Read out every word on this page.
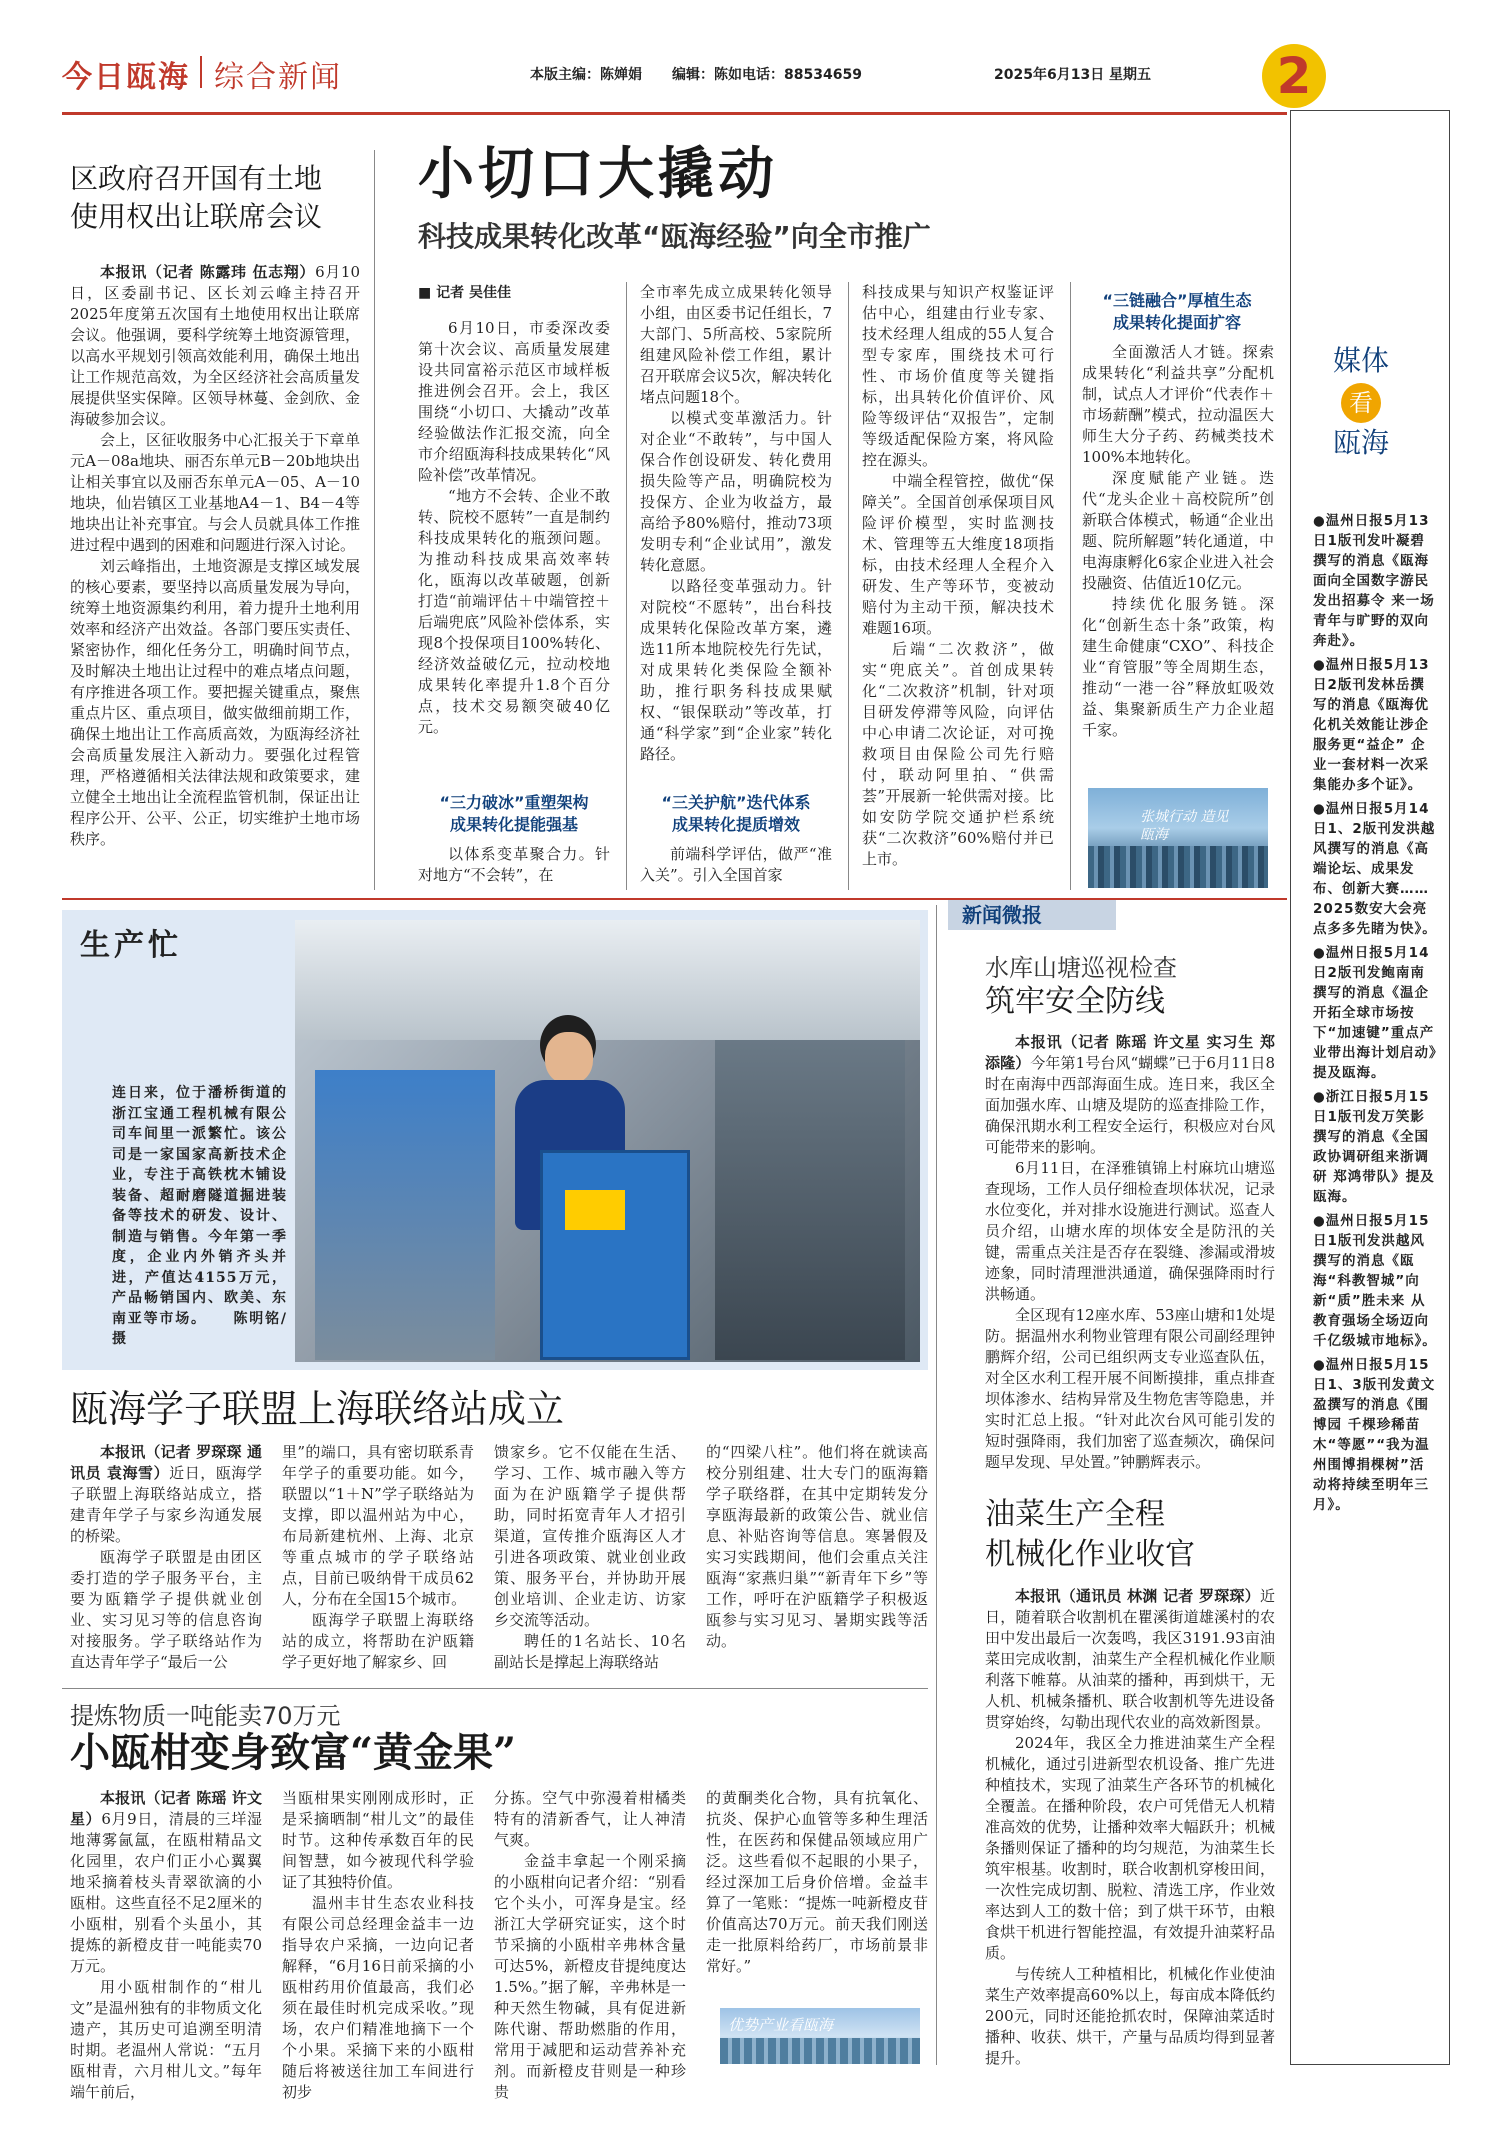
今日瓯海 综合新闻	本版主编：陈婵娟 编辑：陈如 电话：88534659	2025年6月13日 星期五	2
区政府召开国有土地
使用权出让联席会议

本报讯（记者 陈露玮 伍志翔）6月10日，区委副书记、区长刘云峰主持召开2025年度第五次国有土地使用权出让联席会议。他强调，要科学统筹土地资源管理，以高水平规划引领高效能利用，确保土地出让工作规范高效，为全区经济社会高质量发展提供坚实保障。区领导林蔓、金剑欣、金海破参加会议。

会上，区征收服务中心汇报关于下章单元A－08a地块、丽否东单元B－20b地块出让相关事宜以及丽否东单元A－05、A－10地块，仙岩镇区工业基地A4－1、B4－4等地块出让补充事宜。与会人员就具体工作推进过程中遇到的困难和问题进行深入讨论。

刘云峰指出，土地资源是支撑区域发展的核心要素，要坚持以高质量发展为导向，统筹土地资源集约利用，着力提升土地利用效率和经济产出效益。各部门要压实责任、紧密协作，细化任务分工，明确时间节点，及时解决土地出让过程中的难点堵点问题，有序推进各项工作。要把握关键重点，聚焦重点片区、重点项目，做实做细前期工作，确保土地出让工作高质高效，为瓯海经济社会高质量发展注入新动力。要强化过程管理，严格遵循相关法律法规和政策要求，建立健全土地出让全流程监管机制，保证出让程序公开、公平、公正，切实维护土地市场秩序。

小切口大撬动
科技成果转化改革“瓯海经验”向全市推广
■ 记者 吴佳佳

6月10日，市委深改委第十次会议、高质量发展建设共同富裕示范区市域样板推进例会召开。会上，我区围绕“小切口、大撬动”改革经验做法作汇报交流，向全市介绍瓯海科技成果转化“风险补偿”改革情况。

“地方不会转、企业不敢转、院校不愿转”一直是制约科技成果转化的瓶颈问题。为推动科技成果高效率转化，瓯海以改革破题，创新打造“前端评估＋中端管控＋后端兜底”风险补偿体系，实现8个投保项目100%转化、经济效益破亿元，拉动校地成果转化率提升1.8个百分点，技术交易额突破40亿元。

“三力破冰”重塑架构
成果转化提能强基

以体系变革聚合力。针对地方“不会转”，在

全市率先成立成果转化领导小组，由区委书记任组长，7大部门、5所高校、5家院所组建风险补偿工作组，累计召开联席会议5次，解决转化堵点问题18个。

以模式变革激活力。针对企业“不敢转”，与中国人保合作创设研发、转化费用损失险等产品，明确院校为投保方、企业为收益方，最高给予80%赔付，推动73项发明专利“企业试用”，激发转化意愿。

以路径变革强动力。针对院校“不愿转”，出台科技成果转化保险改革方案，遴选11所本地院校先行先试，对成果转化类保险全额补助，推行职务科技成果赋权、“银保联动”等改革，打通“科学家”到“企业家”转化路径。

“三关护航”迭代体系
成果转化提质增效

前端科学评估，做严“准入关”。引入全国首家

科技成果与知识产权鉴证评估中心，组建由行业专家、技术经理人组成的55人复合型专家库，围绕技术可行性、市场价值度等关键指标，出具转化价值评价、风险等级评估“双报告”，定制等级适配保险方案，将风险控在源头。

中端全程管控，做优“保障关”。全国首创承保项目风险评价模型，实时监测技术、管理等五大维度18项指标，由技术经理人全程介入研发、生产等环节，变被动赔付为主动干预，解决技术难题16项。

后端“二次救济”，做实“兜底关”。首创成果转化“二次救济”机制，针对项目研发停滞等风险，向评估中心申请二次论证，对可挽救项目由保险公司先行赔付，联动阿里拍、“供需荟”开展新一轮供需对接。比如安防学院交通护栏系统获“二次救济”60%赔付并已上市。

“三链融合”厚植生态
成果转化提面扩容

全面激活人才链。探索成果转化“利益共享”分配机制，试点人才评价“代表作＋市场薪酬”模式，拉动温医大师生大分子药、药械类技术100%本地转化。

深度赋能产业链。迭代“龙头企业＋高校院所”创新联合体模式，畅通“企业出题、院所解题”转化通道，中电海康孵化6家企业进入社会投融资、估值近10亿元。

持续优化服务链。深化“创新生态十条”政策，构建生命健康“CXO”、科技企业“育管服”等全周期生态，推动“一港一谷”释放虹吸效益、集聚新质生产力企业超千家。

张城行动 造见瓯海
生产忙
连日来，位于潘桥街道的浙江宝通工程机械有限公司车间里一派繁忙。该公司是一家国家高新技术企业，专注于高铁枕木铺设装备、超耐磨隧道掘进装备等技术的研发、设计、制造与销售。今年第一季度，企业内外销齐头并进，产值达4155万元，产品畅销国内、欧美、东南亚等市场。 陈明铭/摄
瓯海学子联盟上海联络站成立

本报讯（记者 罗琛琛 通讯员 袁海雪）近日，瓯海学子联盟上海联络站成立，搭建青年学子与家乡沟通发展的桥梁。

瓯海学子联盟是由团区委打造的学子服务平台，主要为瓯籍学子提供就业创业、实习见习等的信息咨询对接服务。学子联络站作为直达青年学子“最后一公

里”的端口，具有密切联系青年学子的重要功能。如今，联盟以“1＋N”学子联络站为支撑，即以温州站为中心，布局新建杭州、上海、北京等重点城市的学子联络站点，目前已吸纳骨干成员62人，分布在全国15个城市。

瓯海学子联盟上海联络站的成立，将帮助在沪瓯籍学子更好地了解家乡、回

馈家乡。它不仅能在生活、学习、工作、城市融入等方面为在沪瓯籍学子提供帮助，同时拓宽青年人才招引渠道，宣传推介瓯海区人才引进各项政策、就业创业政策、服务平台，并协助开展创业培训、企业走访、访家乡交流等活动。

聘任的1名站长、10名副站长是撑起上海联络站

的“四梁八柱”。他们将在就读高校分别组建、壮大专门的瓯海籍学子联络群，在其中定期转发分享瓯海最新的政策公告、就业信息、补贴咨询等信息。寒暑假及实习实践期间，他们会重点关注瓯海“家燕归巢”“新青年下乡”等工作，呼吁在沪瓯籍学子积极返瓯参与实习见习、暑期实践等活动。

提炼物质一吨能卖70万元
小瓯柑变身致富“黄金果”

本报讯（记者 陈瑶 许文星）6月9日，清晨的三垟湿地薄雾氤氲，在瓯柑精品文化园里，农户们正小心翼翼地采摘着枝头青翠欲滴的小瓯柑。这些直径不足2厘米的小瓯柑，别看个头虽小，其提炼的新橙皮苷一吨能卖70万元。

用小瓯柑制作的“柑儿文”是温州独有的非物质文化遗产，其历史可追溯至明清时期。老温州人常说：“五月瓯柑青，六月柑儿文。”每年端午前后，

当瓯柑果实刚刚成形时，正是采摘晒制“柑儿文”的最佳时节。这种传承数百年的民间智慧，如今被现代科学验证了其独特价值。

温州丰甘生态农业科技有限公司总经理金益丰一边指导农户采摘，一边向记者解释，“6月16日前采摘的小瓯柑药用价值最高，我们必须在最佳时机完成采收。”现场，农户们精准地摘下一个个小果。采摘下来的小瓯柑随后将被送往加工车间进行初步

分拣。空气中弥漫着柑橘类特有的清新香气，让人神清气爽。

金益丰拿起一个刚采摘的小瓯柑向记者介绍：“别看它个头小，可浑身是宝。经浙江大学研究证实，这个时节采摘的小瓯柑辛弗林含量可达5%，新橙皮苷提纯度达1.5%。”据了解，辛弗林是一种天然生物碱，具有促进新陈代谢、帮助燃脂的作用，常用于减肥和运动营养补充剂。而新橙皮苷则是一种珍贵

的黄酮类化合物，具有抗氧化、抗炎、保护心血管等多种生理活性，在医药和保健品领域应用广泛。这些看似不起眼的小果子，经过深加工后身价倍增。金益丰算了一笔账：“提炼一吨新橙皮苷价值高达70万元。前天我们刚送走一批原料给药厂，市场前景非常好。”

优势产业看瓯海
新闻微报
水库山塘巡视检查
筑牢安全防线

本报讯（记者 陈瑶 许文星 实习生 郑添隆）今年第1号台风“蝴蝶”已于6月11日8时在南海中西部海面生成。连日来，我区全面加强水库、山塘及堤防的巡查排险工作，确保汛期水利工程安全运行，积极应对台风可能带来的影响。

6月11日，在泽雅镇锦上村麻坑山塘巡查现场，工作人员仔细检查坝体状况，记录水位变化，并对排水设施进行测试。巡查人员介绍，山塘水库的坝体安全是防汛的关键，需重点关注是否存在裂缝、渗漏或滑坡迹象，同时清理泄洪通道，确保强降雨时行洪畅通。

全区现有12座水库、53座山塘和1处堤防。据温州水利物业管理有限公司副经理钟鹏辉介绍，公司已组织两支专业巡查队伍，对全区水利工程开展不间断摸排，重点排查坝体渗水、结构异常及生物危害等隐患，并实时汇总上报。“针对此次台风可能引发的短时强降雨，我们加密了巡查频次，确保问题早发现、早处置。”钟鹏辉表示。

油菜生产全程
机械化作业收官

本报讯（通讯员 林渊 记者 罗琛琛）近日，随着联合收割机在瞿溪街道雄溪村的农田中发出最后一次轰鸣，我区3191.93亩油菜田完成收割，油菜生产全程机械化作业顺利落下帷幕。从油菜的播种，再到烘干，无人机、机械条播机、联合收割机等先进设备贯穿始终，勾勒出现代农业的高效新图景。

2024年，我区全力推进油菜生产全程机械化，通过引进新型农机设备、推广先进种植技术，实现了油菜生产各环节的机械化全覆盖。在播种阶段，农户可凭借无人机精准高效的优势，让播种效率大幅跃升；机械条播则保证了播种的均匀规范，为油菜生长筑牢根基。收割时，联合收割机穿梭田间，一次性完成切割、脱粒、清选工序，作业效率达到人工的数十倍；到了烘干环节，由粮食烘干机进行智能控温，有效提升油菜籽品质。

与传统人工种植相比，机械化作业使油菜生产效率提高60%以上，每亩成本降低约200元，同时还能抢抓农时，保障油菜适时播种、收获、烘干，产量与品质均得到显著提升。

媒体
看
瓯海
●温州日报5月13日1版刊发叶凝碧撰写的消息《瓯海面向全国数字游民发出招募令 来一场青年与旷野的双向奔赴》。
●温州日报5月13日2版刊发林岳撰写的消息《瓯海优化机关效能让涉企服务更“益企” 企业一套材料一次采集能办多个证》。
●温州日报5月14日1、2版刊发洪越风撰写的消息《高端论坛、成果发布、创新大赛……2025数安大会亮点多多先睹为快》。
●温州日报5月14日2版刊发鲍南南撰写的消息《温企开拓全球市场按下“加速键”重点产业带出海计划启动》提及瓯海。
●浙江日报5月15日1版刊发万笑影撰写的消息《全国政协调研组来浙调研 郑鸿带队》提及瓯海。
●温州日报5月15日1版刊发洪越风撰写的消息《瓯海“科教智城”向新“质”胜未来 从教育强场全场迈向千亿级城市地标》。
●温州日报5月15日1、3版刊发黄文盈撰写的消息《围博园 千棵珍稀苗木“等愿”“我为温州围博捐棵树”活动将持续至明年三月》。
